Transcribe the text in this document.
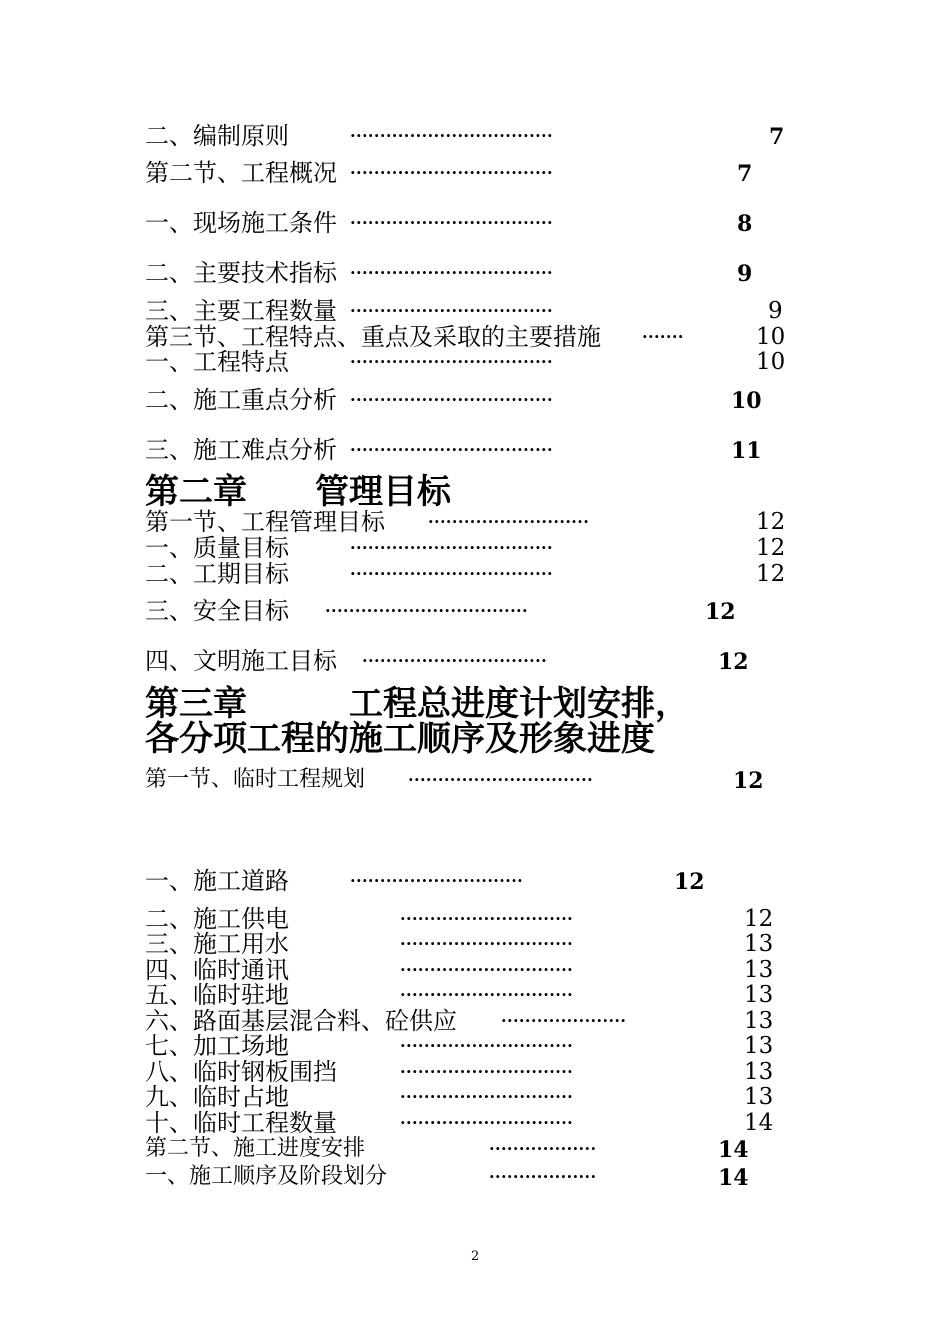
二、编制原则	··································	7
第二节、工程概况 ··································	7
一、现场施工条件 ··································	8
二、主要技术指标 ··································	9
三、主要工程数量 ··································	9
第三节、工程特点、重点及采取的主要措施	·······	10
一、工程特点	··································	10
二、施工重点分析 ··································	10
三、施工难点分析 ··································	11
第二章　　管理目标
第一节、工程管理目标	···························	12
一、质量目标	··································	12
二、工期目标	··································	12
三、安全目标 ··································	12
四、文明施工目标 ·······························	12
第三章　　　工程总进度计划安排，
各分项工程的施工顺序及形象进度
第一节、临时工程规划	·······························	12
一、施工道路	·····························	12
二、施工供电	·····························	12
三、施工用水	·····························	13
四、临时通讯	·····························	13
五、临时驻地	·····························	13
六、路面基层混合料、砼供应	·····················	13
七、加工场地	·····························	13
八、临时钢板围挡	·····························	13
九、临时占地	·····························	13
十、临时工程数量	·····························	14
第二节、施工进度安排	··················	14
一、施工顺序及阶段划分	··················	14
2
